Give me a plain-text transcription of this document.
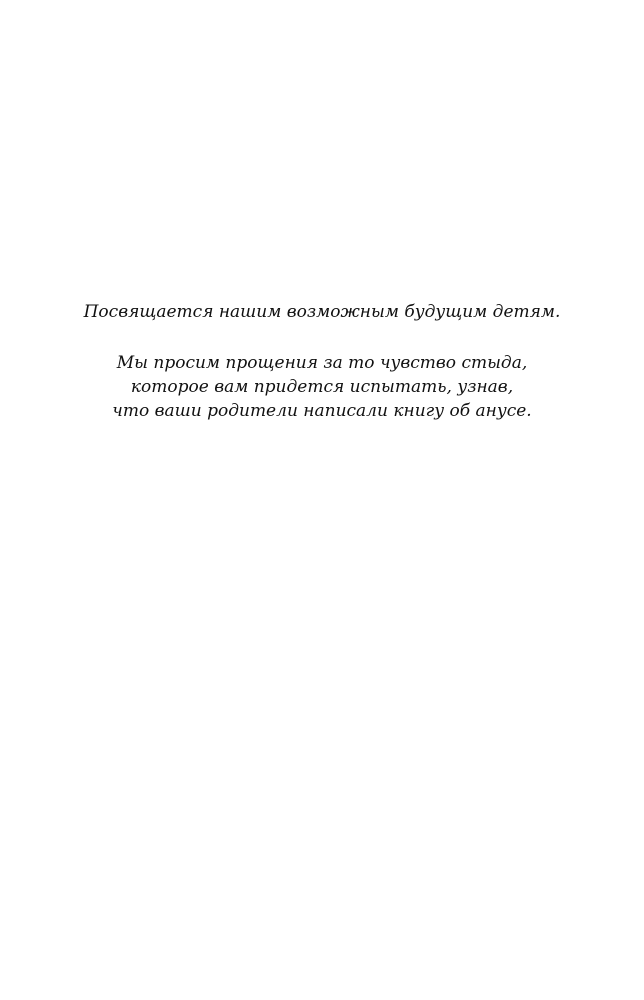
Посвящается нашим возможным будущим детям.
Мы просим прощения за то чувство стыда,
которое вам придется испытать, узнав,
что ваши родители написали книгу об анусе.
